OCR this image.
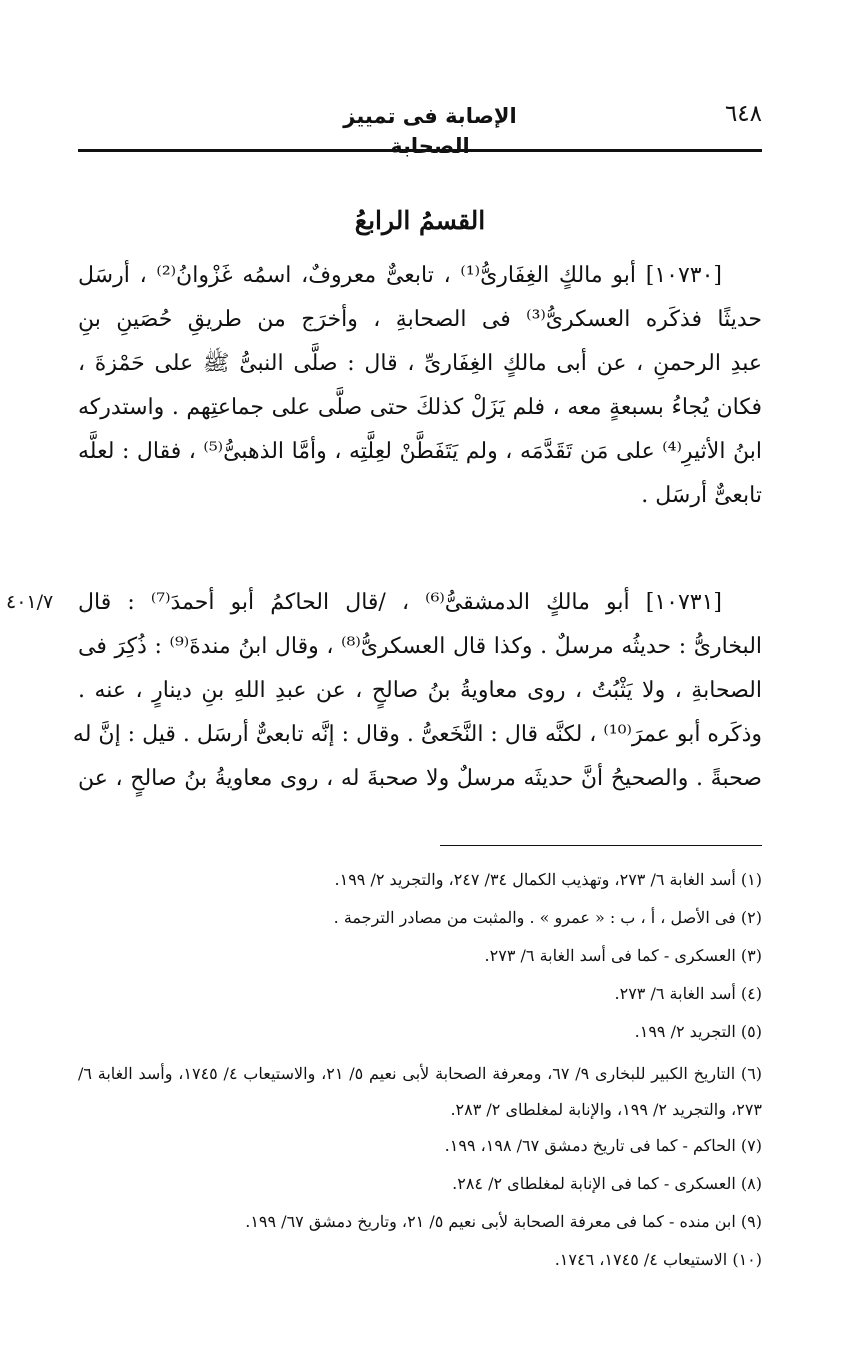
٦٤٨
الإصابة فى تمييز الصحابة
القسمُ الرابعُ
[١٠٧٣٠] أبو مالكٍ الغِفَارىُّ⁽¹⁾ ، تابعىٌّ معروفٌ، اسمُه غَزْوانُ⁽²⁾ ، أرسَل
حديثًا فذكَره العسكرىُّ⁽³⁾ فى الصحابةِ ، وأخرَج من طريقِ حُصَينِ بنِ
عبدِ الرحمنِ ، عن أبى مالكٍ الغِفَارىِّ ، قال : صلَّى النبىُّ ﷺ على حَمْزةَ ،
فكان يُجاءُ بسبعةٍ معه ، فلم يَزَلْ كذلكَ حتى صلَّى على جماعتِهم . واستدركه
ابنُ الأثيرِ⁽⁴⁾ على مَن تَقَدَّمَه ، ولم يَتَفَطَّنْ لعِلَّتِه ، وأمَّا الذهبىُّ⁽⁵⁾ ، فقال : لعلَّه
تابعىٌّ أرسَل .
٤٠١/٧	[١٠٧٣١] أبو مالكٍ الدمشقىُّ⁽⁶⁾ ، /قال الحاكمُ أبو أحمدَ⁽⁷⁾ : قال
البخارىُّ : حديثُه مرسلٌ . وكذا قال العسكرىُّ⁽⁸⁾ ، وقال ابنُ مندةَ⁽⁹⁾ : ذُكِرَ فى
الصحابةِ ، ولا يَثْبُتُ ، روى معاويةُ بنُ صالحٍ ، عن عبدِ اللهِ بنِ دينارٍ ، عنه .
وذكَره أبو عمرَ⁽¹⁰⁾ ، لكنَّه قال : النَّخَعىُّ . وقال : إنَّه تابعىٌّ أرسَل . قيل : إنَّ له
صحبةً . والصحيحُ أنَّ حديثَه مرسلٌ ولا صحبةَ له ، روى معاويةُ بنُ صالحٍ ، عن
(١) أسد الغابة ٦/ ٢٧٣، وتهذيب الكمال ٣٤/ ٢٤٧، والتجريد ٢/ ١٩٩.
(٢) فى الأصل ، أ ، ب : « عمرو » . والمثبت من مصادر الترجمة .
(٣) العسكرى - كما فى أسد الغابة ٦/ ٢٧٣.
(٤) أسد الغابة ٦/ ٢٧٣.
(٥) التجريد ٢/ ١٩٩.
(٦) التاريخ الكبير للبخارى ٩/ ٦٧، ومعرفة الصحابة لأبى نعيم ٥/ ٢١، والاستيعاب ٤/ ١٧٤٥، وأسد الغابة ٦/ ٢٧٣، والتجريد ٢/ ١٩٩، والإنابة لمغلطاى ٢/ ٢٨٣.
(٧) الحاكم - كما فى تاريخ دمشق ٦٧/ ١٩٨، ١٩٩.
(٨) العسكرى - كما فى الإنابة لمغلطاى ٢/ ٢٨٤.
(٩) ابن منده - كما فى معرفة الصحابة لأبى نعيم ٥/ ٢١، وتاريخ دمشق ٦٧/ ١٩٩.
(١٠) الاستيعاب ٤/ ١٧٤٥، ١٧٤٦.
